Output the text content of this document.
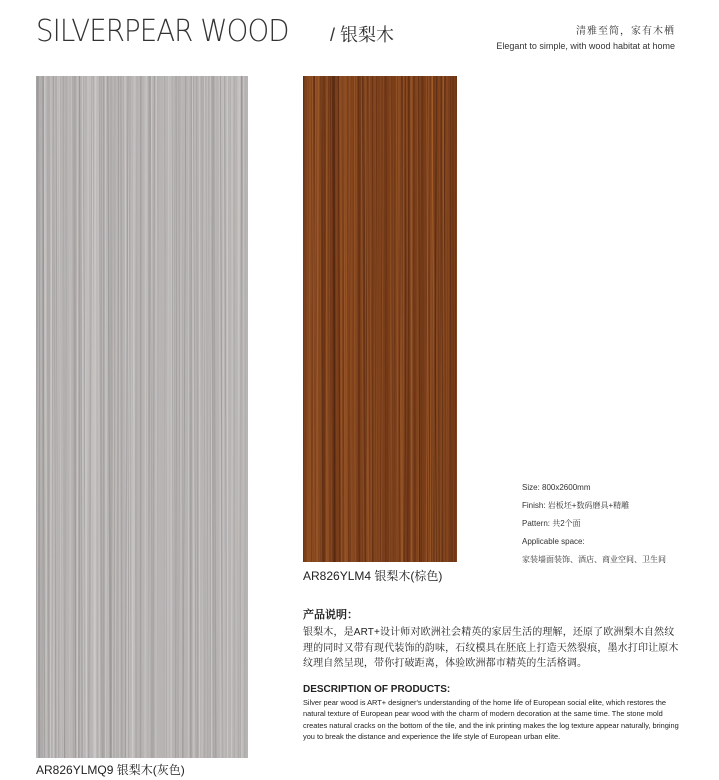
SILVERPEAR WOOD	/ 银梨木	清雅至简，家有木栖
Elegant to simple, with wood habitat at home
AR826YLMQ9 银梨木(灰色)
AR826YLM4 银梨木(棕色)
Size: 800x2600mm
Finish: 岩板坯+数码磨具+精雕
Pattern: 共2个面
Applicable space:
家装墙面装饰、酒店、商业空间、卫生间
产品说明：
银梨木，是ART+设计师对欧洲社会精英的家居生活的理解，还原了欧洲梨木自然纹理的同时又带有现代装饰的韵味，石纹模具在胚底上打造天然裂痕，墨水打印让原木纹理自然呈现，带你打破距离，体验欧洲都市精英的生活格调。
DESCRIPTION OF PRODUCTS:
Silver pear wood is ART+ designer's understanding of the home life of European social elite, which restores the natural texture of European pear wood with the charm of modern decoration at the same time. The stone mold creates natural cracks on the bottom of the tile, and the ink printing makes the log texture appear naturally, bringing you to break the distance and experience the life style of European urban elite.
